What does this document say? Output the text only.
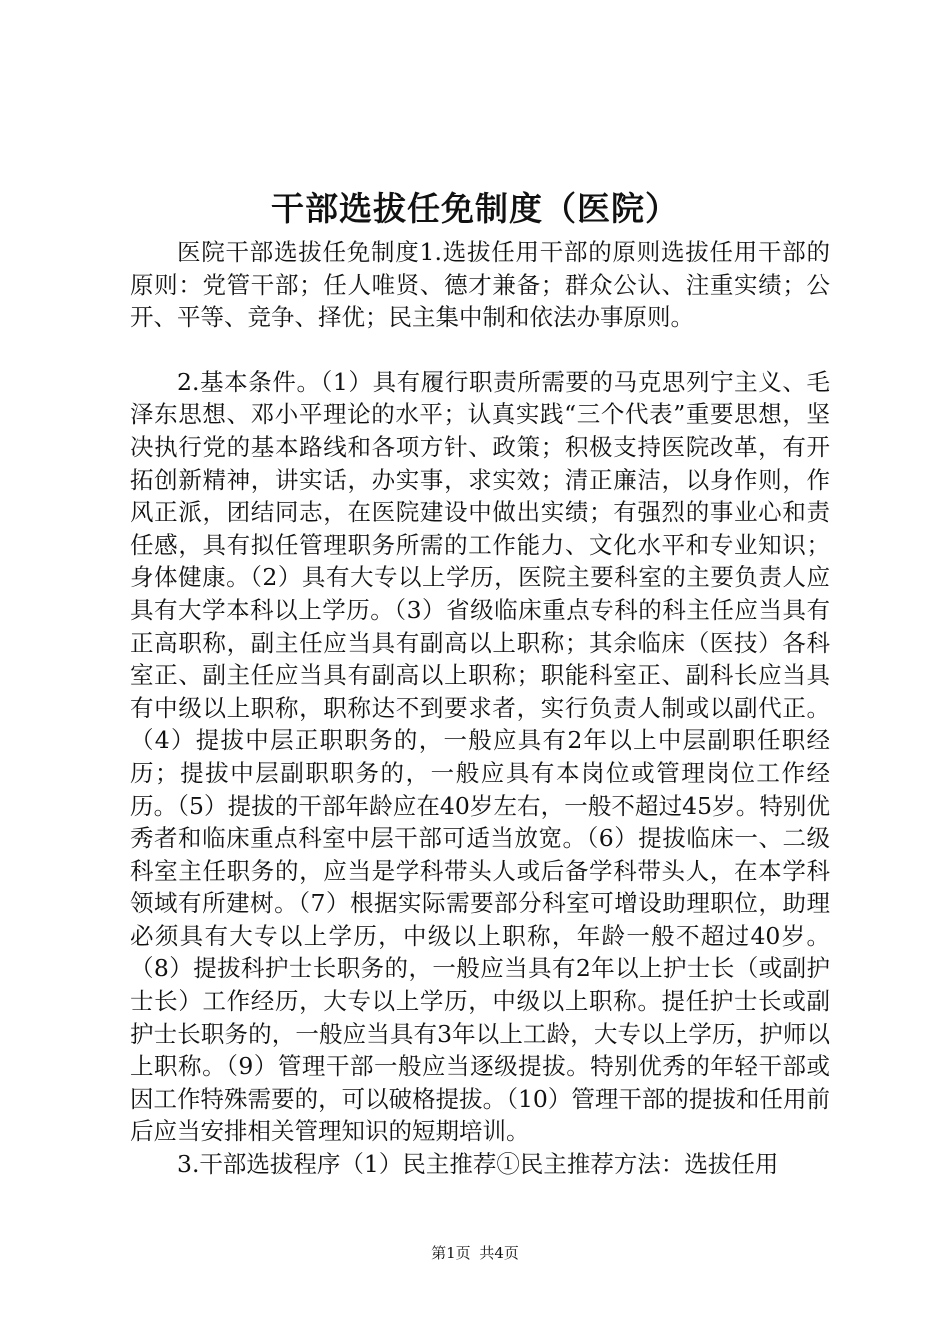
干部选拔任免制度（医院）

医院干部选拔任免制度1.选拔任用干部的原则选拔任用干部的原则：党管干部；任人唯贤、德才兼备；群众公认、注重实绩；公开、平等、竞争、择优；民主集中制和依法办事原则。

2.基本条件。（1）具有履行职责所需要的马克思列宁主义、毛泽东思想、邓小平理论的水平；认真实践“三个代表”重要思想，坚决执行党的基本路线和各项方针、政策；积极支持医院改革，有开拓创新精神，讲实话，办实事，求实效；清正廉洁，以身作则，作风正派，团结同志，在医院建设中做出实绩；有强烈的事业心和责任感，具有拟任管理职务所需的工作能力、文化水平和专业知识；身体健康。（2）具有大专以上学历，医院主要科室的主要负责人应具有大学本科以上学历。（3）省级临床重点专科的科主任应当具有正高职称，副主任应当具有副高以上职称；其余临床（医技）各科室正、副主任应当具有副高以上职称；职能科室正、副科长应当具有中级以上职称，职称达不到要求者，实行负责人制或以副代正。（4）提拔中层正职职务的，一般应具有2年以上中层副职任职经历；提拔中层副职职务的，一般应具有本岗位或管理岗位工作经历。（5）提拔的干部年龄应在40岁左右，一般不超过45岁。特别优秀者和临床重点科室中层干部可适当放宽。（6）提拔临床一、二级科室主任职务的，应当是学科带头人或后备学科带头人，在本学科领域有所建树。（7）根据实际需要部分科室可增设助理职位，助理必须具有大专以上学历，中级以上职称，年龄一般不超过40岁。（8）提拔科护士长职务的，一般应当具有2年以上护士长（或副护士长）工作经历，大专以上学历，中级以上职称。提任护士长或副护士长职务的，一般应当具有3年以上工龄，大专以上学历，护师以上职称。（9）管理干部一般应当逐级提拔。特别优秀的年轻干部或因工作特殊需要的，可以破格提拔。（10）管理干部的提拔和任用前后应当安排相关管理知识的短期培训。

3.干部选拔程序（1）民主推荐①民主推荐方法：选拔任用

第1页 共4页
